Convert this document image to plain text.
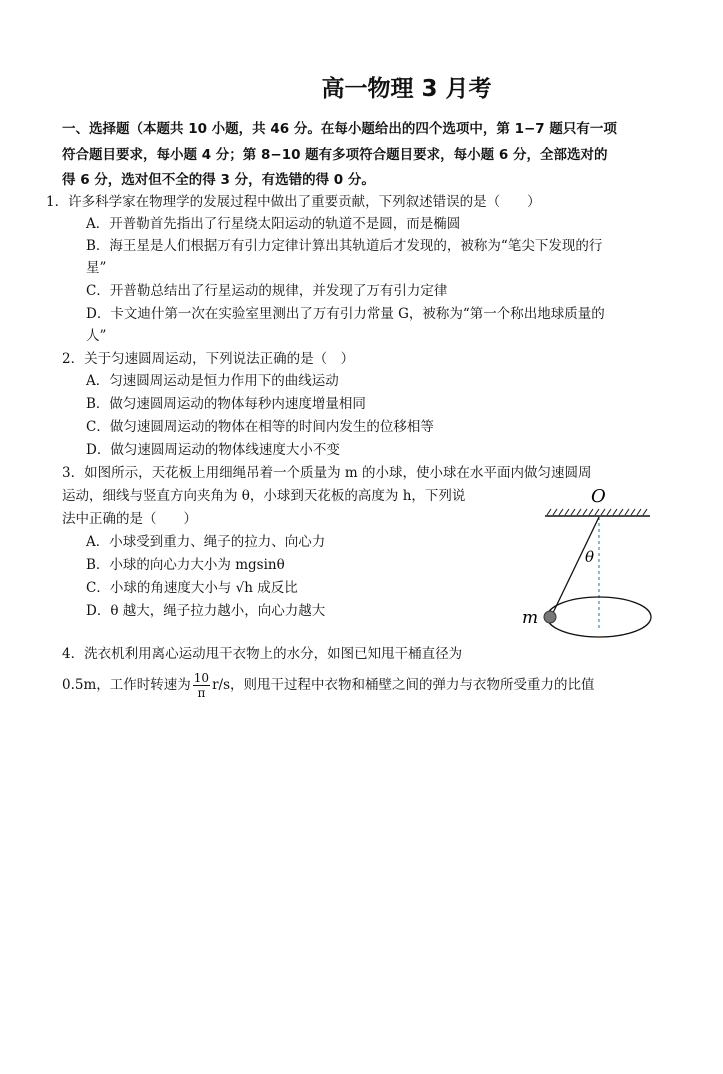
高一物理 3 月考
一、选择题（本题共 10 小题，共 46 分。在每小题给出的四个选项中，第 1−7 题只有一项
符合题目要求，每小题 4 分；第 8−10 题有多项符合题目要求，每小题 6 分，全部选对的
得 6 分，选对但不全的得 3 分，有选错的得 0 分。
1．许多科学家在物理学的发展过程中做出了重要贡献，下列叙述错误的是（　　）
A．开普勒首先指出了行星绕太阳运动的轨道不是圆，而是椭圆
B．海王星是人们根据万有引力定律计算出其轨道后才发现的，被称为“笔尖下发现的行
星”
C．开普勒总结出了行星运动的规律，并发现了万有引力定律
D．卡文迪什第一次在实验室里测出了万有引力常量 G，被称为“第一个称出地球质量的
人”
2．关于匀速圆周运动，下列说法正确的是（　）
A．匀速圆周运动是恒力作用下的曲线运动
B．做匀速圆周运动的物体每秒内速度增量相同
C．做匀速圆周运动的物体在相等的时间内发生的位移相等
D．做匀速圆周运动的物体线速度大小不变
3．如图所示，天花板上用细绳吊着一个质量为 m 的小球，使小球在水平面内做匀速圆周
运动，细线与竖直方向夹角为 θ，小球到天花板的高度为 h，下列说
法中正确的是（　　）
A．小球受到重力、绳子的拉力、向心力
B．小球的向心力大小为 mgsinθ
C．小球的角速度大小与 √h 成反比
D．θ 越大，绳子拉力越小，向心力越大
O
θ
m
4．洗衣机利用离心运动甩干衣物上的水分，如图已知甩干桶直径为
0.5m，工作时转速为 $\frac{10}{\pi} r/s$，则甩干过程中衣物和桶壁之间的弹力与衣物所受重力的比值
